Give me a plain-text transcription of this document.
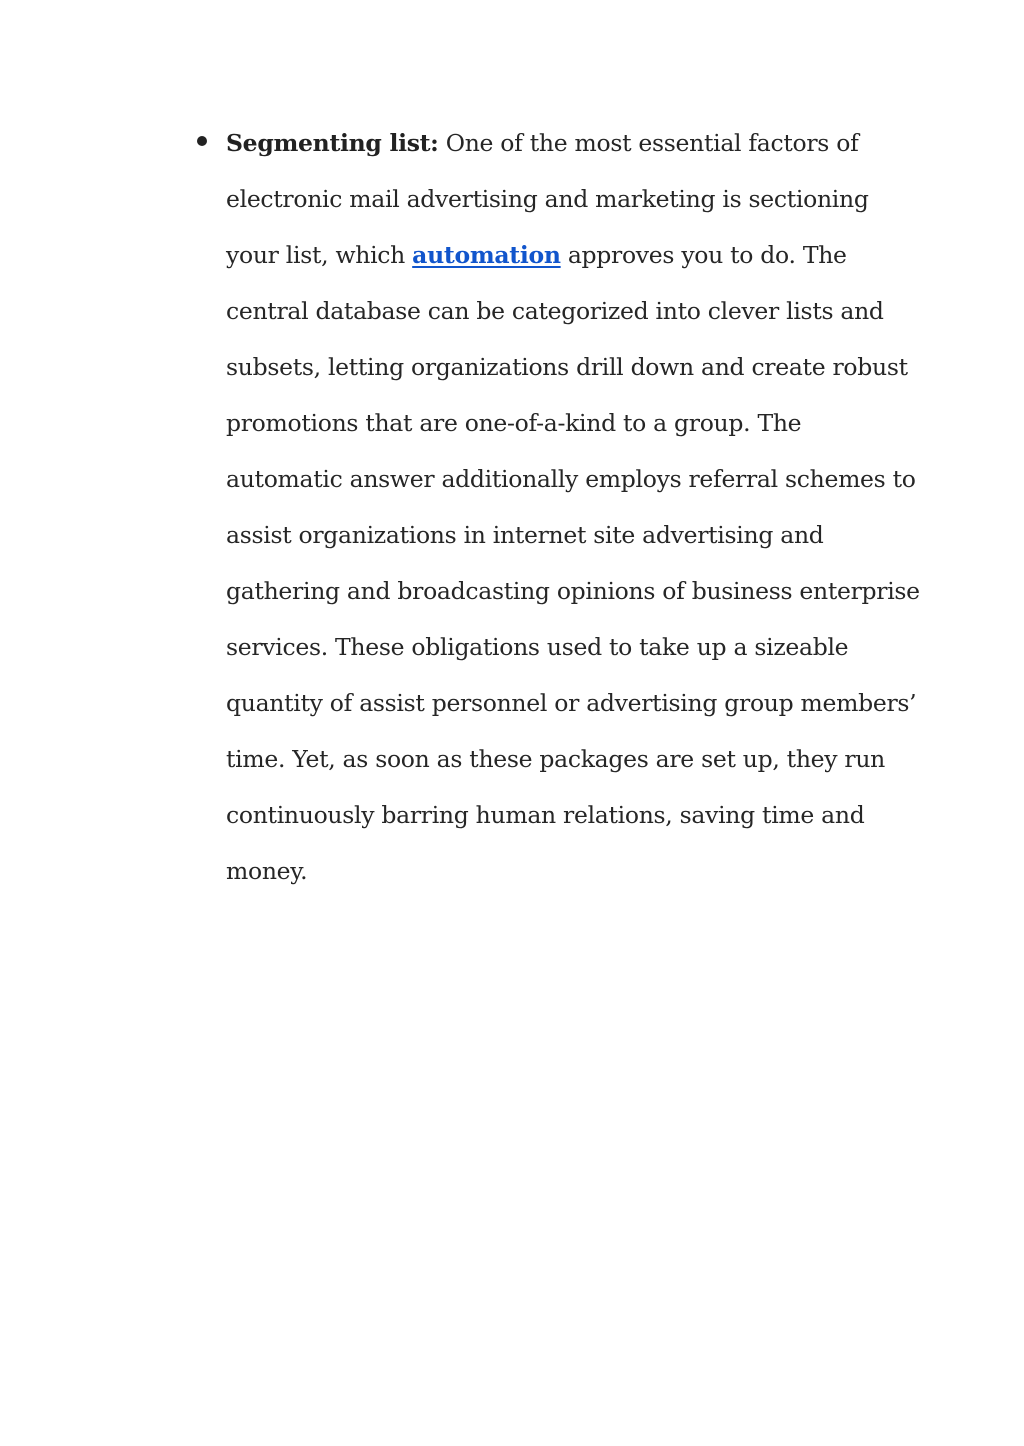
Segmenting list: One of the most essential factors of
electronic mail advertising and marketing is sectioning
your list, which automation approves you to do. The
central database can be categorized into clever lists and
subsets, letting organizations drill down and create robust
promotions that are one-of-a-kind to a group. The
automatic answer additionally employs referral schemes to
assist organizations in internet site advertising and
gathering and broadcasting opinions of business enterprise
services. These obligations used to take up a sizeable
quantity of assist personnel or advertising group members’
time. Yet, as soon as these packages are set up, they run
continuously barring human relations, saving time and
money.
